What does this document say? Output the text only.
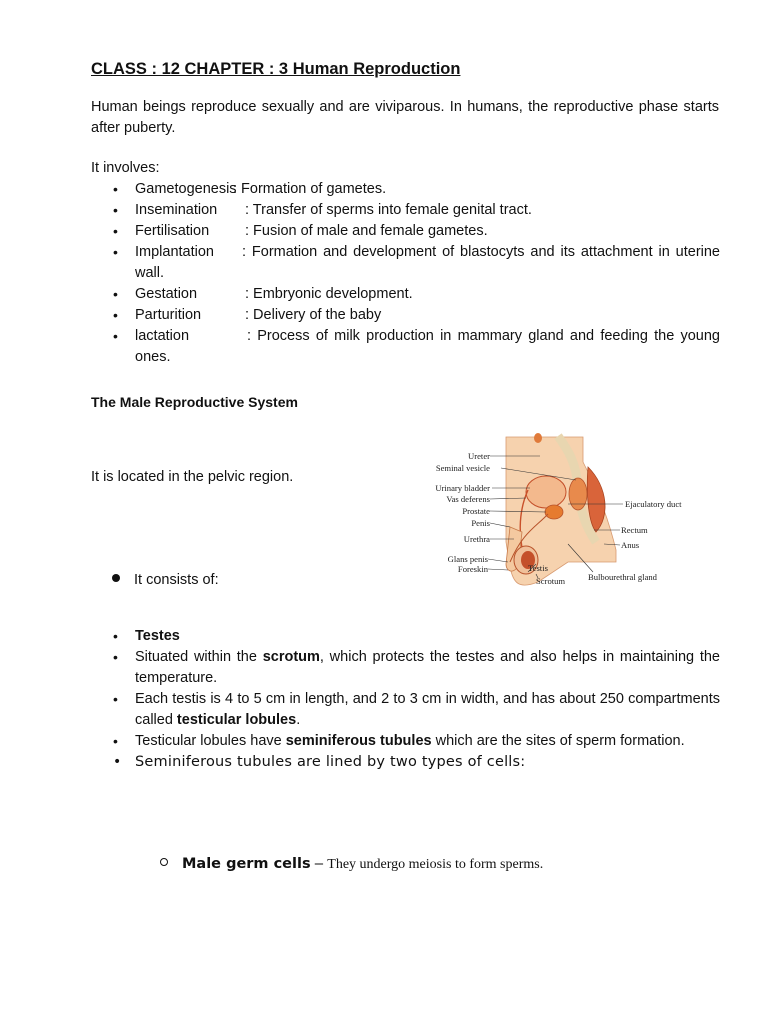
CLASS : 12 CHAPTER : 3 Human Reproduction
Human beings reproduce sexually and are viviparous. In humans, the reproductive phase starts after puberty.
It involves:
• Gametogenesis: Formation of gametes.
• Insemination : Transfer of sperms into female genital tract.
• Fertilisation : Fusion of male and female gametes.
• Implantation : Formation and development of blastocyts and its attachment in uterine wall.
• Gestation	: Embryonic development.
• Parturition	: Delivery of the baby
• lactation	: Process of milk production in mammary gland and feeding the young ones.
The Male Reproductive System
It is located in the pelvic region.
Ureter
Seminal vesicle
Urinary bladder
Vas deferens
Prostate
Penis
Urethra
Glans penis
Foreskin
Ejaculatory duct
Rectum
Anus
Testis
Scrotum	Bulbourethral gland
It consists of:
• Testes
• Situated within the scrotum, which protects the testes and also helps in maintaining the temperature.
• Each testis is 4 to 5 cm in length, and 2 to 3 cm in width, and has about 250 compartments called testicular lobules.
• Testicular lobules have seminiferous tubules which are the sites of sperm formation.
• Seminiferous tubules are lined by two types of cells:
Male germ cells – They undergo meiosis to form sperms.
